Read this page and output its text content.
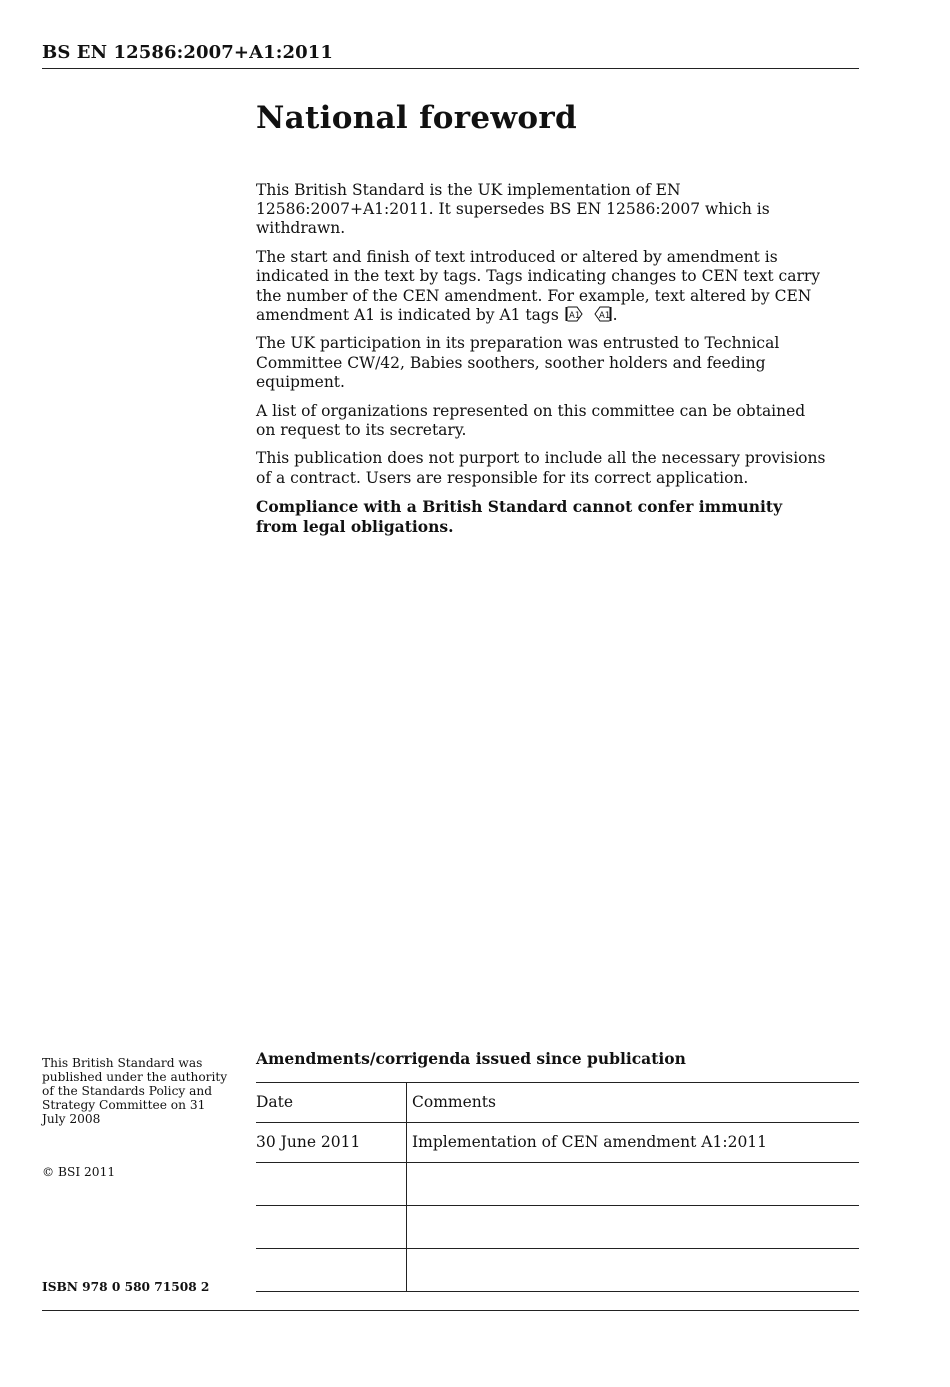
BS EN 12586:2007+A1:2011
National foreword

This British Standard is the UK implementation of EN 12586:2007+A1:2011. It supersedes BS EN 12586:2007 which is withdrawn.

The start and finish of text introduced or altered by amendment is indicated in the text by tags. Tags indicating changes to CEN text carry the number of the CEN amendment. For example, text altered by CEN amendment A1 is indicated by A1 tags A1
A1 .

The UK participation in its preparation was entrusted to Technical Committee CW/42, Babies soothers, soother holders and feeding equipment.

A list of organizations represented on this committee can be obtained on request to its secretary.

This publication does not purport to include all the necessary provisions of a contract. Users are responsible for its correct application.

Compliance with a British Standard cannot confer immunity from legal obligations.

This British Standard was published under the authority of the Standards Policy and Strategy Committee on 31 July 2008
© BSI 2011
ISBN 978 0 580 71508 2
Amendments/corrigenda issued since publication
Date	Comments
30 June 2011	Implementation of CEN amendment A1:2011
